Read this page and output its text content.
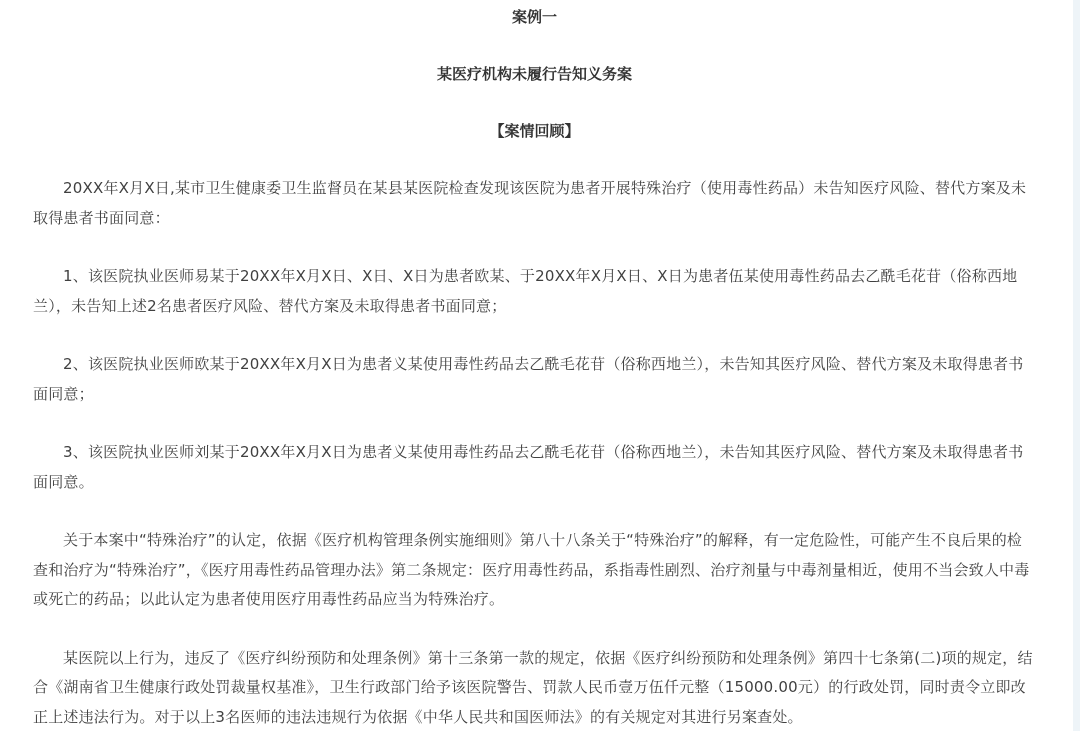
案例一

某医疗机构未履行告知义务案

【案情回顾】

20XX年X月X日,某市卫生健康委卫生监督员在某县某医院检查发现该医院为患者开展特殊治疗（使用毒性药品）未告知医疗风险、替代方案及未取得患者书面同意：

1、该医院执业医师易某于20XX年X月X日、X日、X日为患者欧某、于20XX年X月X日、X日为患者伍某使用毒性药品去乙酰毛花苷（俗称西地兰），未告知上述2名患者医疗风险、替代方案及未取得患者书面同意；

2、该医院执业医师欧某于20XX年X月X日为患者义某使用毒性药品去乙酰毛花苷（俗称西地兰），未告知其医疗风险、替代方案及未取得患者书面同意；

3、该医院执业医师刘某于20XX年X月X日为患者义某使用毒性药品去乙酰毛花苷（俗称西地兰），未告知其医疗风险、替代方案及未取得患者书面同意。

关于本案中“特殊治疗”的认定，依据《医疗机构管理条例实施细则》第八十八条关于“特殊治疗”的解释，有一定危险性，可能产生不良后果的检查和治疗为“特殊治疗”，《医疗用毒性药品管理办法》第二条规定：医疗用毒性药品，系指毒性剧烈、治疗剂量与中毒剂量相近，使用不当会致人中毒或死亡的药品；以此认定为患者使用医疗用毒性药品应当为特殊治疗。

某医院以上行为，违反了《医疗纠纷预防和处理条例》第十三条第一款的规定，依据《医疗纠纷预防和处理条例》第四十七条第(二)项的规定，结合《湖南省卫生健康行政处罚裁量权基准》，卫生行政部门给予该医院警告、罚款人民币壹万伍仟元整（15000.00元）的行政处罚，同时责令立即改正上述违法行为。对于以上3名医师的违法违规行为依据《中华人民共和国医师法》的有关规定对其进行另案查处。
